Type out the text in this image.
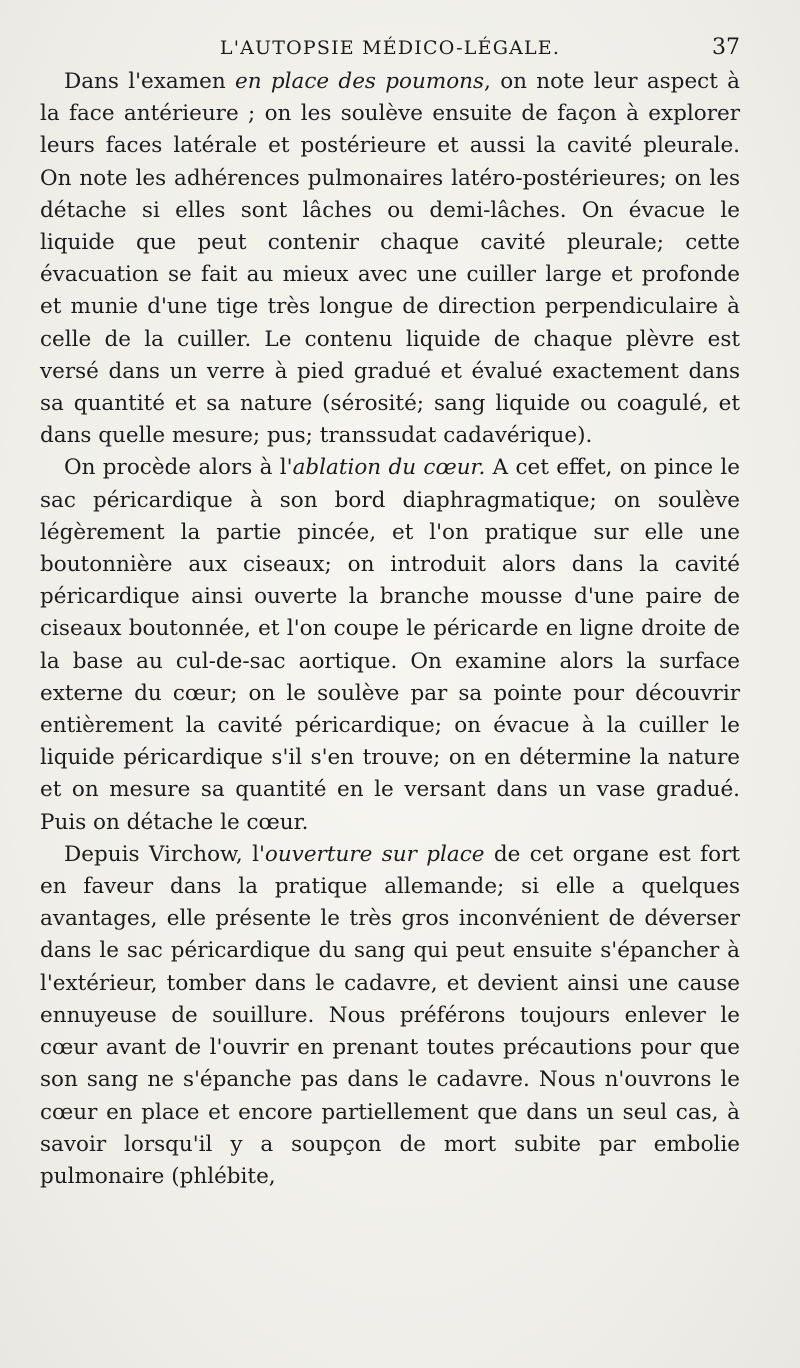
L'AUTOPSIE MÉDICO-LÉGALE.	37

Dans l'examen en place des poumons, on note leur aspect à la face antérieure ; on les soulève ensuite de façon à explorer leurs faces latérale et postérieure et aussi la cavité pleurale. On note les adhérences pulmonaires latéro-postérieures; on les détache si elles sont lâches ou demi-lâches. On évacue le liquide que peut contenir chaque cavité pleurale; cette évacuation se fait au mieux avec une cuiller large et profonde et munie d'une tige très longue de direction perpendiculaire à celle de la cuiller. Le contenu liquide de chaque plèvre est versé dans un verre à pied gradué et évalué exactement dans sa quantité et sa nature (sérosité; sang liquide ou coagulé, et dans quelle mesure; pus; transsudat cadavérique).

On procède alors à l'ablation du cœur. A cet effet, on pince le sac péricardique à son bord diaphragmatique; on soulève légèrement la partie pincée, et l'on pratique sur elle une boutonnière aux ciseaux; on introduit alors dans la cavité péricardique ainsi ouverte la branche mousse d'une paire de ciseaux boutonnée, et l'on coupe le péricarde en ligne droite de la base au cul-de-sac aortique. On examine alors la surface externe du cœur; on le soulève par sa pointe pour découvrir entièrement la cavité péricardique; on évacue à la cuiller le liquide péricardique s'il s'en trouve; on en détermine la nature et on mesure sa quantité en le versant dans un vase gradué. Puis on détache le cœur.

Depuis Virchow, l'ouverture sur place de cet organe est fort en faveur dans la pratique allemande; si elle a quelques avantages, elle présente le très gros inconvénient de déverser dans le sac péricardique du sang qui peut ensuite s'épancher à l'extérieur, tomber dans le cadavre, et devient ainsi une cause ennuyeuse de souillure. Nous préférons toujours enlever le cœur avant de l'ouvrir en prenant toutes précautions pour que son sang ne s'épanche pas dans le cadavre. Nous n'ouvrons le cœur en place et encore partiellement que dans un seul cas, à savoir lorsqu'il y a soupçon de mort subite par embolie pulmonaire (phlébite,
